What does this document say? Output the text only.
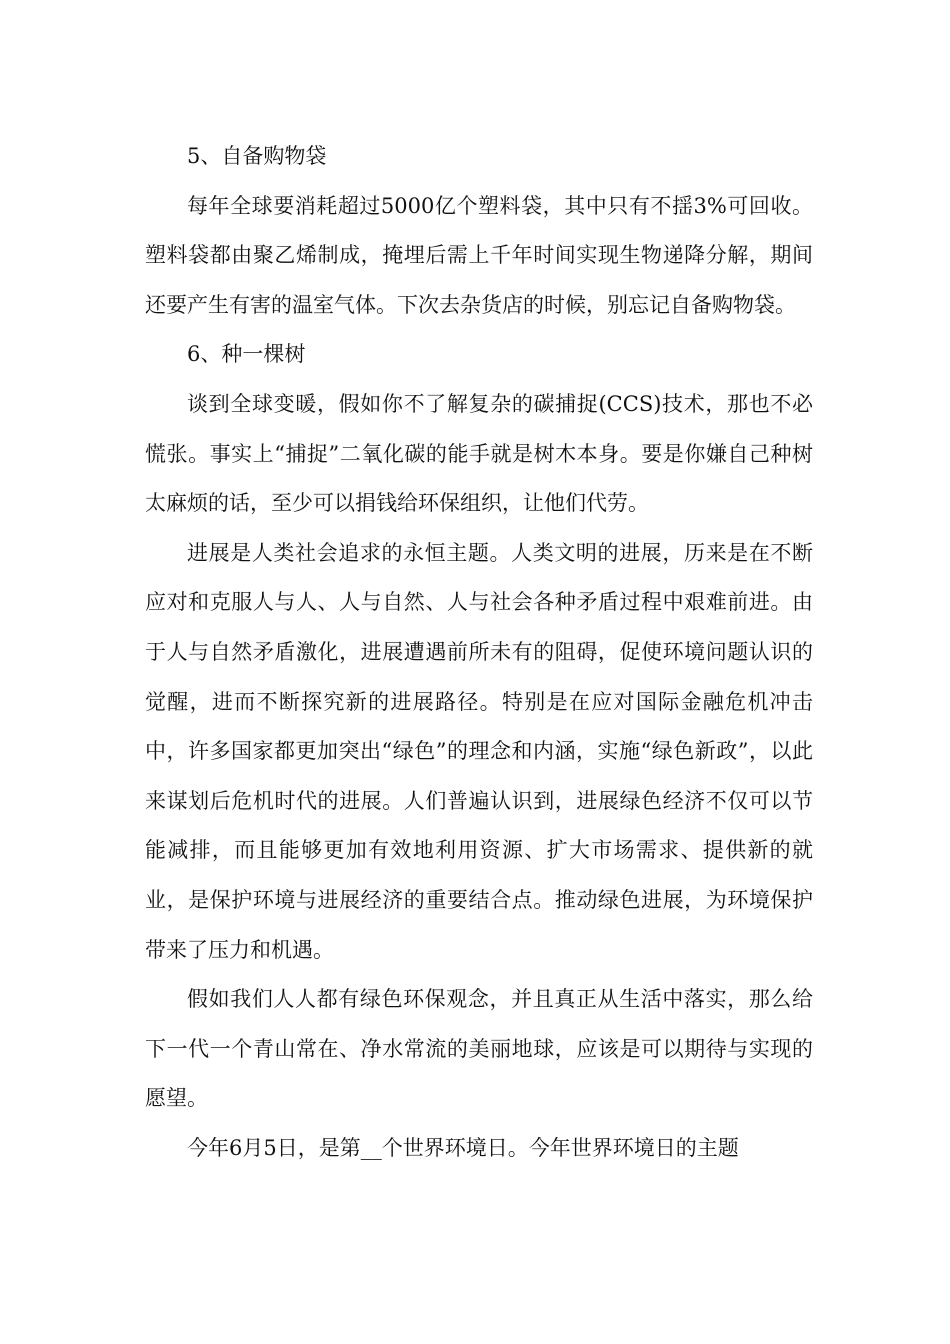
5、自备购物袋

每年全球要消耗超过5000亿个塑料袋，其中只有不揺3%可回收。塑料袋都由聚乙烯制成，掩埋后需上千年时间实现生物递降分解，期间还要产生有害的温室气体。下次去杂货店的时候，别忘记自备购物袋。

6、种一棵树

谈到全球变暖，假如你不了解复杂的碳捕捉(CCS)技术，那也不必慌张。事实上“捕捉”二氧化碳的能手就是树木本身。要是你嫌自己种树太麻烦的话，至少可以捐钱给环保组织，让他们代劳。

进展是人类社会追求的永恒主题。人类文明的进展，历来是在不断应对和克服人与人、人与自然、人与社会各种矛盾过程中艰难前进。由于人与自然矛盾激化，进展遭遇前所未有的阻碍，促使环境问题认识的觉醒，进而不断探究新的进展路径。特别是在应对国际金融危机冲击中，许多国家都更加突出“绿色”的理念和内涵，实施“绿色新政”，以此来谋划后危机时代的进展。人们普遍认识到，进展绿色经济不仅可以节能减排，而且能够更加有效地利用资源、扩大市场需求、提供新的就业，是保护环境与进展经济的重要结合点。推动绿色进展，为环境保护带来了压力和机遇。

假如我们人人都有绿色环保观念，并且真正从生活中落实，那么给下一代一个青山常在、净水常流的美丽地球，应该是可以期待与实现的愿望。

今年6月5日，是第__个世界环境日。今年世界环境日的主题
